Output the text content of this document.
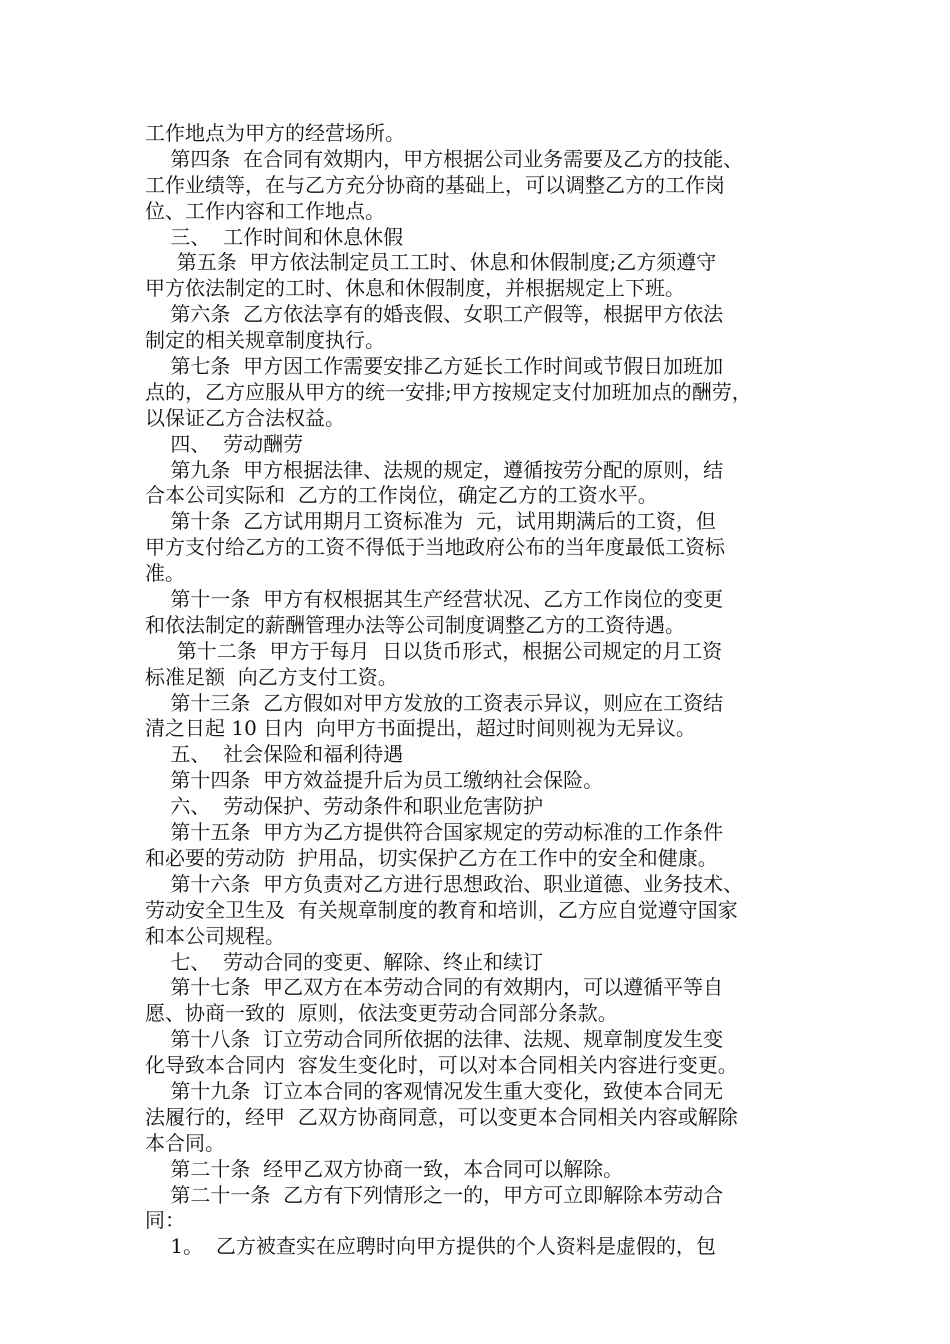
工作地点为甲方的经营场所。
第四条  在合同有效期内，甲方根据公司业务需要及乙方的技能、
工作业绩等，在与乙方充分协商的基础上，可以调整乙方的工作岗
位、工作内容和工作地点。
三、  工作时间和休息休假
第五条  甲方依法制定员工工时、休息和休假制度;乙方须遵守
甲方依法制定的工时、休息和休假制度，并根据规定上下班。
第六条  乙方依法享有的婚丧假、女职工产假等，根据甲方依法
制定的相关规章制度执行。
第七条  甲方因工作需要安排乙方延长工作时间或节假日加班加
点的，乙方应服从甲方的统一安排;甲方按规定支付加班加点的酬劳，
以保证乙方合法权益。
四、  劳动酬劳
第九条  甲方根据法律、法规的规定，遵循按劳分配的原则，结
合本公司实际和  乙方的工作岗位，确定乙方的工资水平。
第十条  乙方试用期月工资标准为  元，试用期满后的工资，但
甲方支付给乙方的工资不得低于当地政府公布的当年度最低工资标
准。
第十一条  甲方有权根据其生产经营状况、乙方工作岗位的变更
和依法制定的薪酬管理办法等公司制度调整乙方的工资待遇。
第十二条  甲方于每月  日以货币形式，根据公司规定的月工资
标准足额  向乙方支付工资。
第十三条  乙方假如对甲方发放的工资表示异议，则应在工资结
清之日起 10 日内  向甲方书面提出，超过时间则视为无异议。
五、  社会保险和福利待遇
第十四条  甲方效益提升后为员工缴纳社会保险。
六、  劳动保护、劳动条件和职业危害防护
第十五条  甲方为乙方提供符合国家规定的劳动标准的工作条件
和必要的劳动防  护用品，切实保护乙方在工作中的安全和健康。
第十六条  甲方负责对乙方进行思想政治、职业道德、业务技术、
劳动安全卫生及  有关规章制度的教育和培训，乙方应自觉遵守国家
和本公司规程。
七、  劳动合同的变更、解除、终止和续订
第十七条  甲乙双方在本劳动合同的有效期内，可以遵循平等自
愿、协商一致的  原则，依法变更劳动合同部分条款。
第十八条  订立劳动合同所依据的法律、法规、规章制度发生变
化导致本合同内  容发生变化时，可以对本合同相关内容进行变更。
第十九条  订立本合同的客观情况发生重大变化，致使本合同无
法履行的，经甲  乙双方协商同意，可以变更本合同相关内容或解除
本合同。
第二十条  经甲乙双方协商一致，本合同可以解除。
第二十一条  乙方有下列情形之一的，甲方可立即解除本劳动合
同：
1。  乙方被查实在应聘时向甲方提供的个人资料是虚假的，包
